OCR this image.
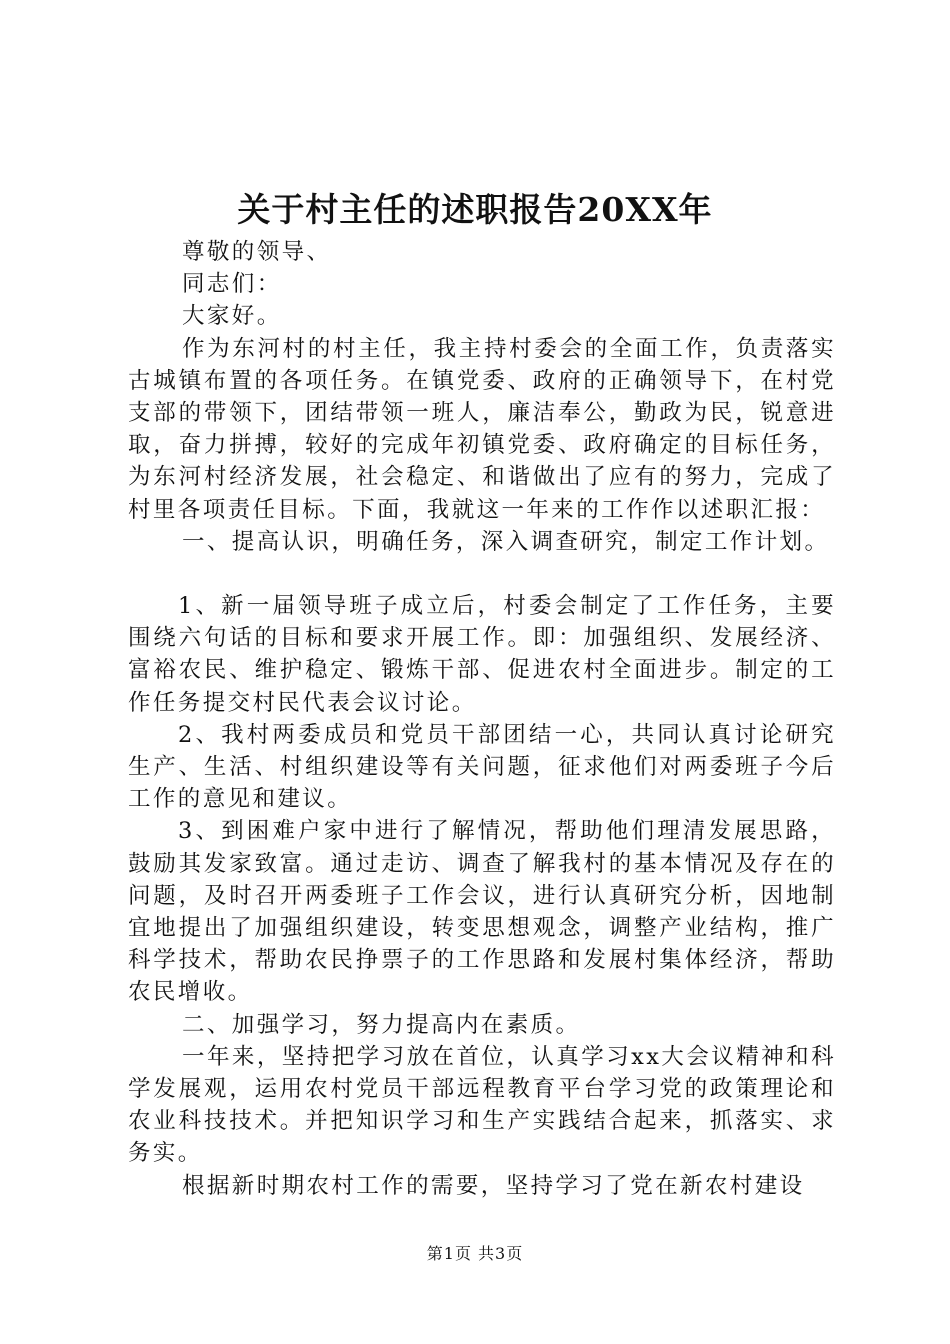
关于村主任的述职报告20XX年

尊敬的领导、

同志们：

大家好。

作为东河村的村主任，我主持村委会的全面工作，负责落实古城镇布置的各项任务。在镇党委、政府的正确领导下，在村党支部的带领下，团结带领一班人，廉洁奉公，勤政为民，锐意进取，奋力拼搏，较好的完成年初镇党委、政府确定的目标任务，为东河村经济发展，社会稳定、和谐做出了应有的努力，完成了村里各项责任目标。下面，我就这一年来的工作作以述职汇报：

一、提高认识，明确任务，深入调查研究，制定工作计划。

1、新一届领导班子成立后，村委会制定了工作任务，主要围绕六句话的目标和要求开展工作。即：加强组织、发展经济、富裕农民、维护稳定、锻炼干部、促进农村全面进步。制定的工作任务提交村民代表会议讨论。

2、我村两委成员和党员干部团结一心，共同认真讨论研究生产、生活、村组织建设等有关问题，征求他们对两委班子今后工作的意见和建议。

3、到困难户家中进行了解情况，帮助他们理清发展思路，鼓励其发家致富。通过走访、调查了解我村的基本情况及存在的问题，及时召开两委班子工作会议，进行认真研究分析，因地制宜地提出了加强组织建设，转变思想观念，调整产业结构，推广科学技术，帮助农民挣票子的工作思路和发展村集体经济，帮助农民增收。

二、加强学习，努力提高内在素质。

一年来，坚持把学习放在首位，认真学习xx大会议精神和科学发展观，运用农村党员干部远程教育平台学习党的政策理论和农业科技技术。并把知识学习和生产实践结合起来，抓落实、求务实。

根据新时期农村工作的需要，坚持学习了党在新农村建设

第1页 共3页
